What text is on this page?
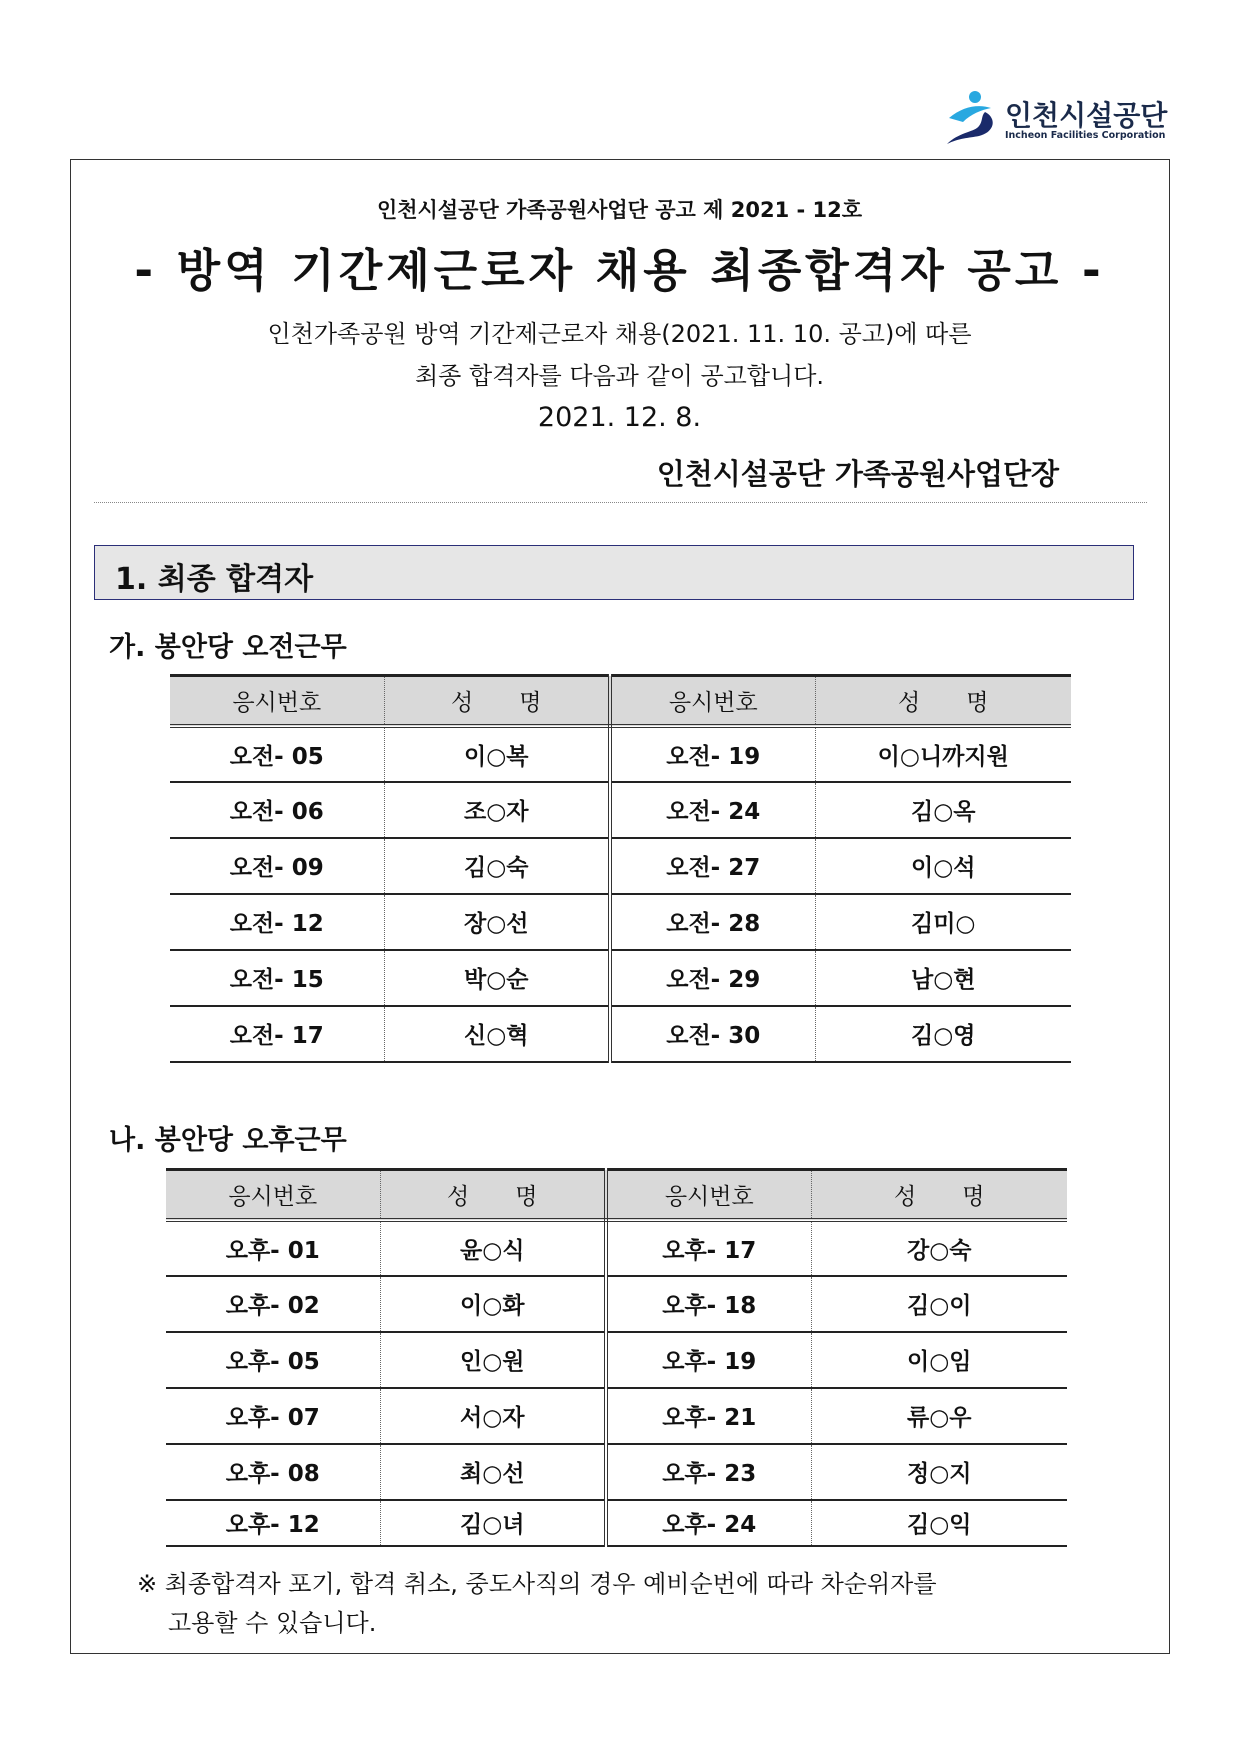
인천시설공단
Incheon Facilities Corporation
인천시설공단 가족공원사업단 공고 제 2021 - 12호
- 방역 기간제근로자 채용 최종합격자 공고 -
인천가족공원 방역 기간제근로자 채용(2021. 11. 10. 공고)에 따른
최종 합격자를 다음과 같이 공고합니다.
2021. 12. 8.
인천시설공단 가족공원사업단장
1. 최종 합격자
가. 봉안당 오전근무
응시번호	성　　명	응시번호	성　　명
오전- 05	이○복	오전- 19	이○니까지원
오전- 06	조○자	오전- 24	김○옥
오전- 09	김○숙	오전- 27	이○석
오전- 12	장○선	오전- 28	김미○
오전- 15	박○순	오전- 29	남○현
오전- 17	신○혁	오전- 30	김○영
나. 봉안당 오후근무
응시번호	성　　명	응시번호	성　　명
오후- 01	윤○식	오후- 17	강○숙
오후- 02	이○화	오후- 18	김○이
오후- 05	인○원	오후- 19	이○임
오후- 07	서○자	오후- 21	류○우
오후- 08	최○선	오후- 23	정○지
오후- 12	김○녀	오후- 24	김○익
※ 최종합격자 포기, 합격 취소, 중도사직의 경우 예비순번에 따라 차순위자를
고용할 수 있습니다.
